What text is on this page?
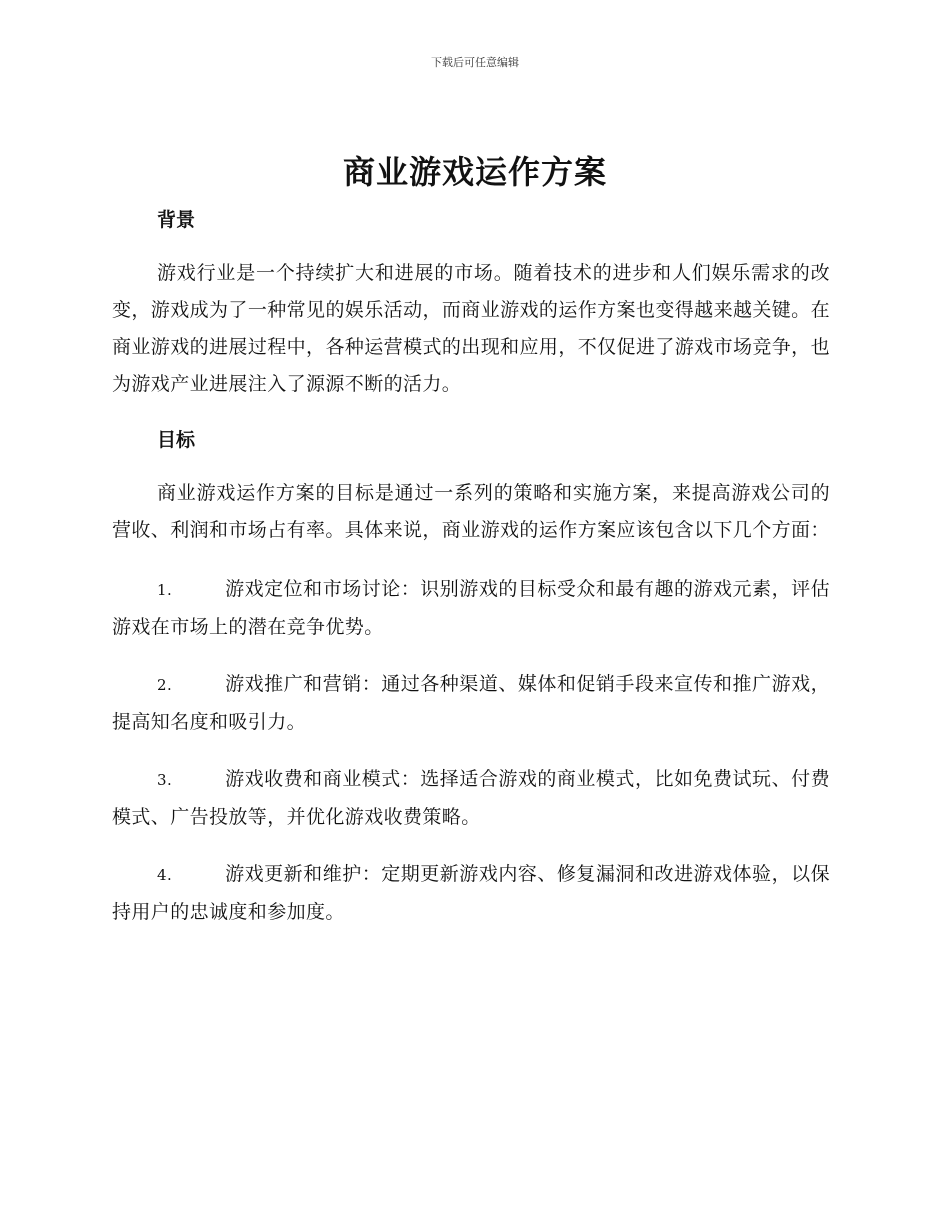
下载后可任意编辑
商业游戏运作方案
背景

游戏行业是一个持续扩大和进展的市场。随着技术的进步和人们娱乐需求的改变，游戏成为了一种常见的娱乐活动，而商业游戏的运作方案也变得越来越关键。在商业游戏的进展过程中，各种运营模式的出现和应用，不仅促进了游戏市场竞争，也为游戏产业进展注入了源源不断的活力。

目标

商业游戏运作方案的目标是通过一系列的策略和实施方案，来提高游戏公司的营收、利润和市场占有率。具体来说，商业游戏的运作方案应该包含以下几个方面：

1.	游戏定位和市场讨论：识别游戏的目标受众和最有趣的游戏元素，评估游戏在市场上的潜在竞争优势。
2.	游戏推广和营销：通过各种渠道、媒体和促销手段来宣传和推广游戏，提高知名度和吸引力。
3.	游戏收费和商业模式：选择适合游戏的商业模式，比如免费试玩、付费模式、广告投放等，并优化游戏收费策略。
4.	游戏更新和维护：定期更新游戏内容、修复漏洞和改进游戏体验，以保持用户的忠诚度和参加度。
